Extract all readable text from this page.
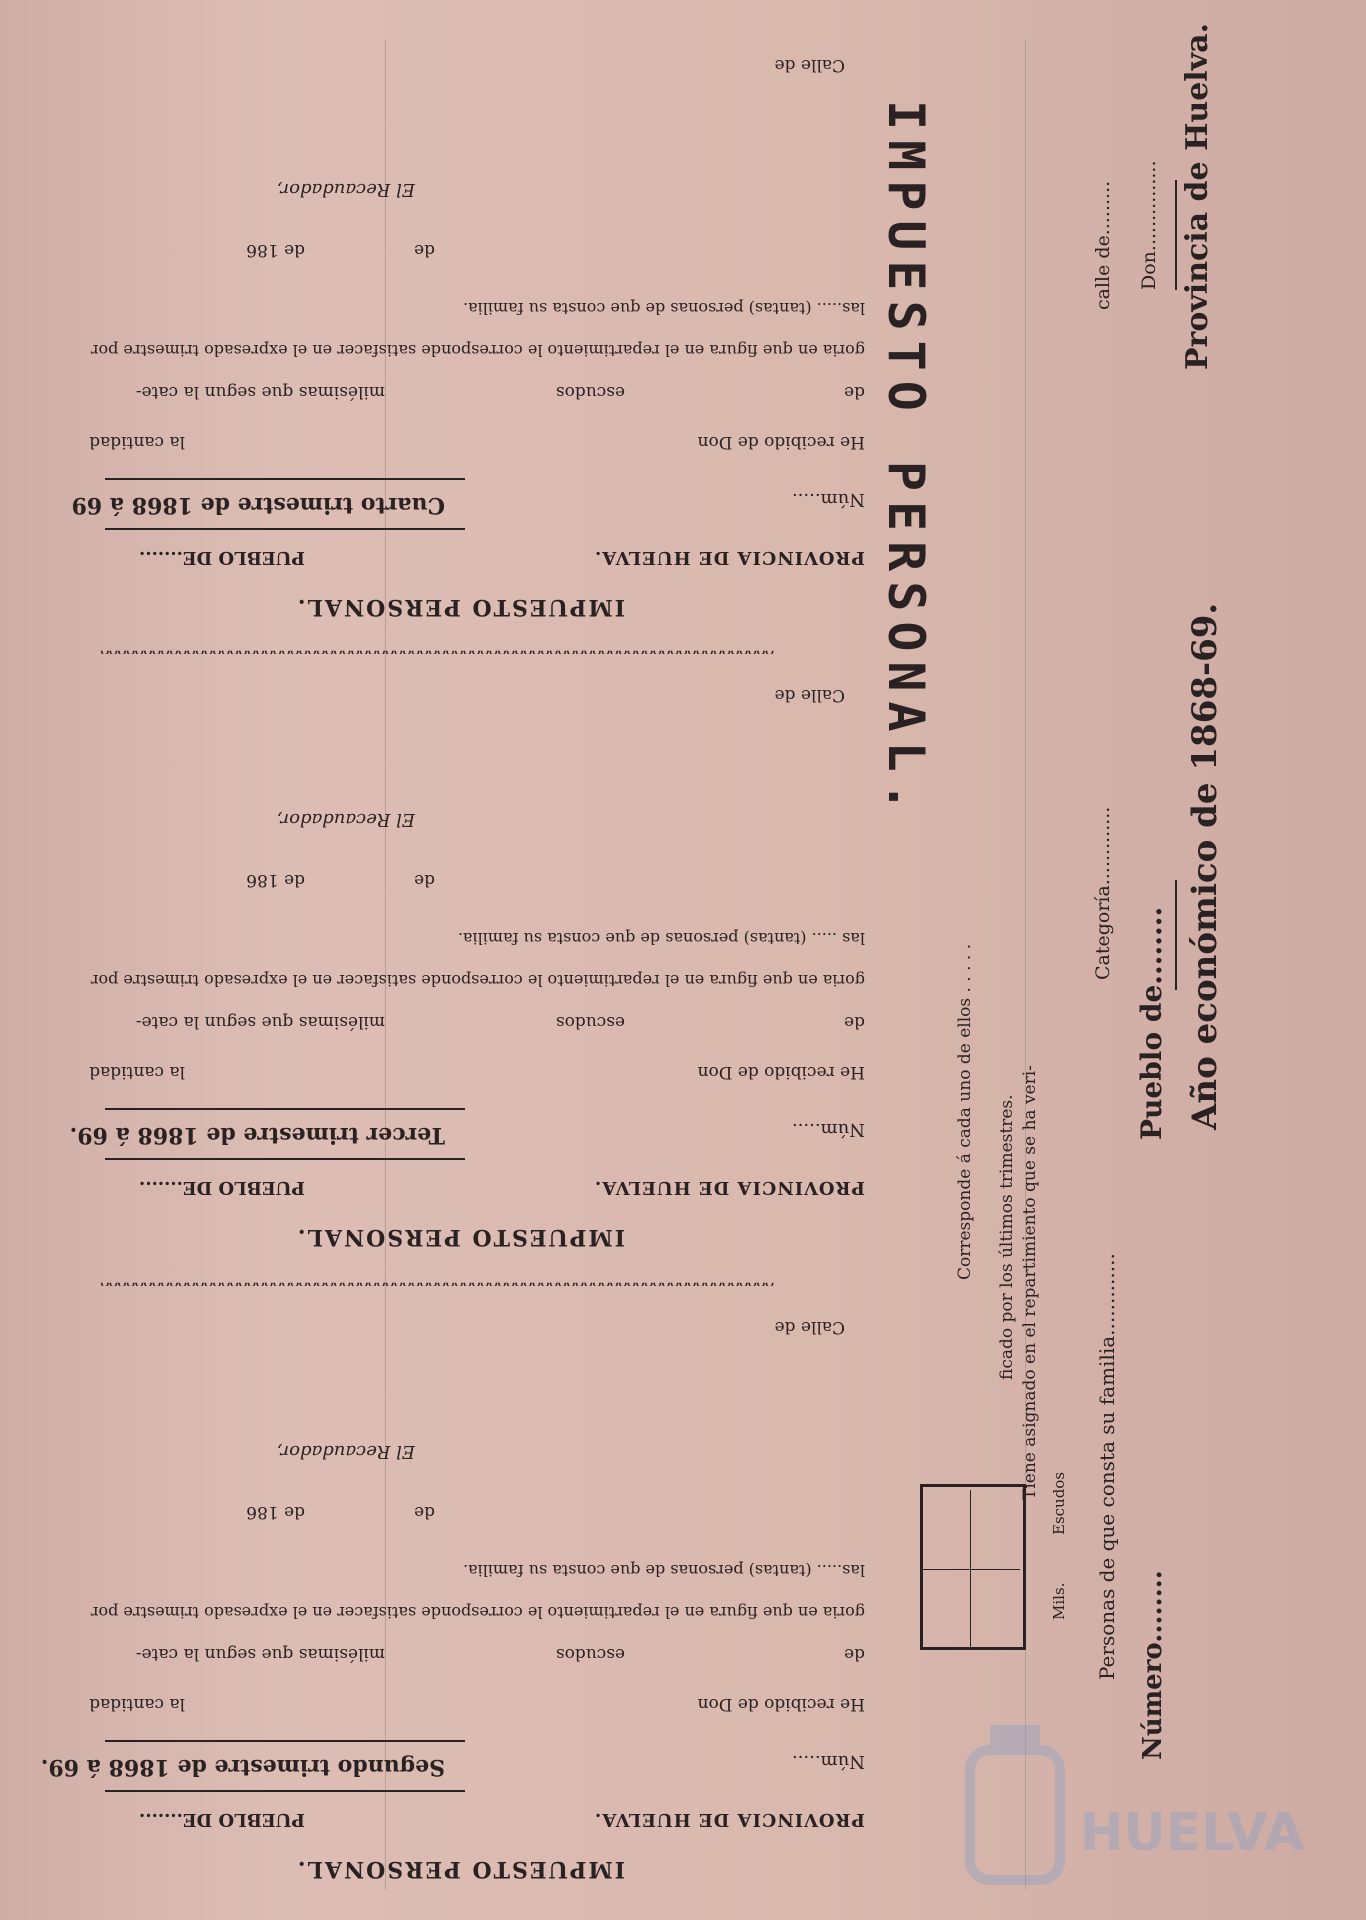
Provincia de Huelva.
Año económico de 1868-69.
Don...............
calle de.........
Pueblo de........
Número........
Categoría.............
Personas de que consta su familia.............
Tiene asignado en el repartimiento que se ha veri-
ficado por los últimos trimestres.
Corresponde á cada uno de ellos . . . . .
Escudos
Mils.
IMPUESTO PERSONAL.
IMPUESTO PERSONAL.
PROVINCIA DE HUELVA.
PUEBLO DE.......
Núm.....
Cuarto trimestre de 1868 á 69
He recibido de Don
la cantidad
de
escudos
milésimas que segun la cate-
goria en que figura en el repartimiento le corresponde satisfacer en el expresado trimestre por
las..... (tantas) personas de que consta su familia.
de
de 186
El Recaudador,
Calle de
IMPUESTO PERSONAL.
PROVINCIA DE HUELVA.
PUEBLO DE.......
Núm.....
Tercer trimestre de 1868 á 69.
He recibido de Don
la cantidad
de
escudos
milésimas que segun la cate-
goria en que figura en el repartimiento le corresponde satisfacer en el expresado trimestre por
las ..... (tantas) personas de que consta su familia.
de
de 186
El Recaudador,
Calle de
IMPUESTO PERSONAL.
PROVINCIA DE HUELVA.
PUEBLO DE.......
Núm.....
Segundo trimestre de 1868 á 69.
He recibido de Don
la cantidad
de
escudos
milésimas que segun la cate-
goria en que figura en el repartimiento le corresponde satisfacer en el expresado trimestre por
las..... (tantas) personas de que consta su familia.
de
de 186
El Recaudador,
Calle de
ᴗᴗᴗᴗᴗᴗᴗᴗᴗᴗᴗᴗᴗᴗᴗᴗᴗᴗᴗᴗᴗᴗᴗᴗᴗᴗᴗᴗᴗᴗᴗᴗᴗᴗᴗᴗᴗᴗᴗᴗᴗᴗᴗᴗᴗᴗᴗᴗᴗᴗᴗᴗᴗᴗᴗᴗᴗᴗᴗᴗᴗᴗᴗᴗᴗᴗᴗᴗᴗᴗᴗᴗᴗᴗᴗᴗᴗᴗ
ᴗᴗᴗᴗᴗᴗᴗᴗᴗᴗᴗᴗᴗᴗᴗᴗᴗᴗᴗᴗᴗᴗᴗᴗᴗᴗᴗᴗᴗᴗᴗᴗᴗᴗᴗᴗᴗᴗᴗᴗᴗᴗᴗᴗᴗᴗᴗᴗᴗᴗᴗᴗᴗᴗᴗᴗᴗᴗᴗᴗᴗᴗᴗᴗᴗᴗᴗᴗᴗᴗᴗᴗᴗᴗᴗᴗᴗᴗ
HUELVA
